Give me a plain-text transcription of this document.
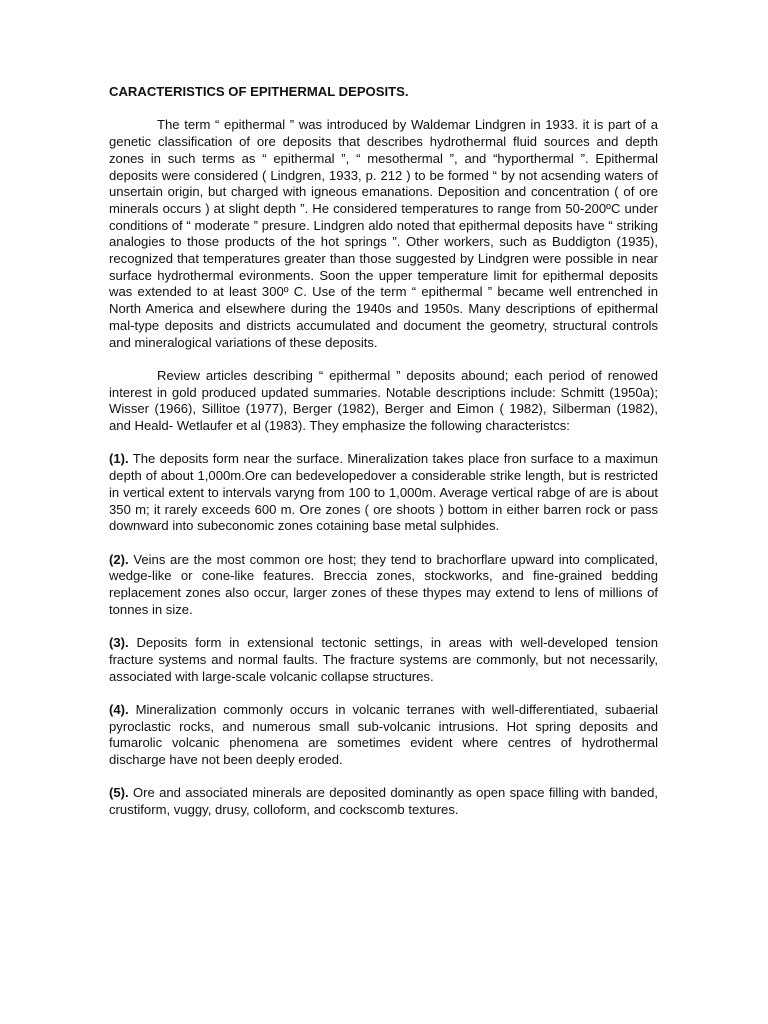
CARACTERISTICS OF EPITHERMAL DEPOSITS.

The term “ epithermal ” was introduced by Waldemar Lindgren in 1933. it is part of a genetic classification of ore deposits that describes hydrothermal fluid sources and depth zones in such terms as “ epithermal ”, “ mesothermal ”, and “hyporthermal ”. Epithermal deposits were considered ( Lindgren, 1933, p. 212 ) to be formed “ by not acsending waters of unsertain origin, but charged with igneous emanations. Deposition and concentration ( of ore minerals occurs ) at slight depth ”. He considered temperatures to range from 50-200ºC under conditions of “ moderate ” presure. Lindgren aldo noted that epithermal deposits have “ striking analogies to those products of the hot springs ”. Other workers, such as Buddigton (1935), recognized that temperatures greater than those suggested by Lindgren were possible in near surface hydrothermal evironments. Soon the upper temperature limit for epithermal deposits was extended to at least 300º C. Use of the term “ epithermal ” became well entrenched in North America and elsewhere during the 1940s and 1950s. Many descriptions of epithermal mal-type deposits and districts accumulated and document the geometry, structural controls and mineralogical variations of these deposits.

Review articles describing “ epithermal ” deposits abound; each period of renowed interest in gold produced updated summaries. Notable descriptions include: Schmitt (1950a); Wisser (1966), Sillitoe (1977), Berger (1982), Berger and Eimon ( 1982), Silberman (1982), and Heald- Wetlaufer et al (1983). They emphasize the following characteristcs:

(1). The deposits form near the surface. Mineralization takes place fron surface to a maximun depth of about 1,000m.Ore can bedevelopedover a considerable strike length, but is restricted in vertical extent to intervals varyng from 100 to 1,000m. Average vertical rabge of are is about 350 m; it rarely exceeds 600 m. Ore zones ( ore shoots ) bottom in either barren rock or pass downward into subeconomic zones cotaining base metal sulphides.

(2). Veins are the most common ore host; they tend to brachorflare upward into complicated, wedge-like or cone-like features. Breccia zones, stockworks, and fine-grained bedding replacement zones also occur, larger zones of these thypes may extend to lens of millions of tonnes in size.

(3). Deposits form in extensional tectonic settings, in areas with well-developed tension fracture systems and normal faults. The fracture systems are commonly, but not necessarily, associated with large-scale volcanic collapse structures.

(4). Mineralization commonly occurs in volcanic terranes with well-differentiated, subaerial pyroclastic rocks, and numerous small sub-volcanic intrusions. Hot spring deposits and fumarolic volcanic phenomena are sometimes evident where centres of hydrothermal discharge have not been deeply eroded.

(5). Ore and associated minerals are deposited dominantly as open space filling with banded, crustiform, vuggy, drusy, colloform, and cockscomb textures.
